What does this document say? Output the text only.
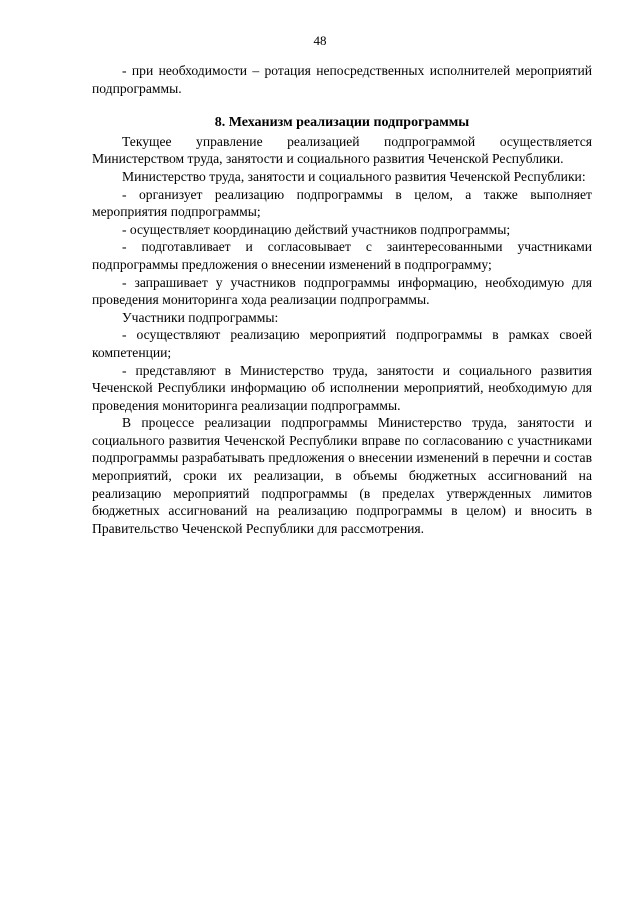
48

- при необходимости – ротация непосредственных исполнителей мероприятий подпрограммы.

8. Механизм реализации подпрограммы

Текущее управление реализацией подпрограммой осуществляется Министерством труда, занятости и социального развития Чеченской Республики.

Министерство труда, занятости и социального развития Чеченской Республики:

- организует реализацию подпрограммы в целом, а также выполняет мероприятия подпрограммы;

- осуществляет координацию действий участников подпрограммы;

- подготавливает и согласовывает с заинтересованными участниками подпрограммы предложения о внесении изменений в подпрограмму;

- запрашивает у участников подпрограммы информацию, необходимую для проведения мониторинга хода реализации подпрограммы.

Участники подпрограммы:

- осуществляют реализацию мероприятий подпрограммы в рамках своей компетенции;

- представляют в Министерство труда, занятости и социального развития Чеченской Республики информацию об исполнении мероприятий, необходимую для проведения мониторинга реализации подпрограммы.

В процессе реализации подпрограммы Министерство труда, занятости и социального развития Чеченской Республики вправе по согласованию с участниками подпрограммы разрабатывать предложения о внесении изменений в перечни и состав мероприятий, сроки их реализации, в объемы бюджетных ассигнований на реализацию мероприятий подпрограммы (в пределах утвержденных лимитов бюджетных ассигнований на реализацию подпрограммы в целом) и вносить в Правительство Чеченской Республики для рассмотрения.
